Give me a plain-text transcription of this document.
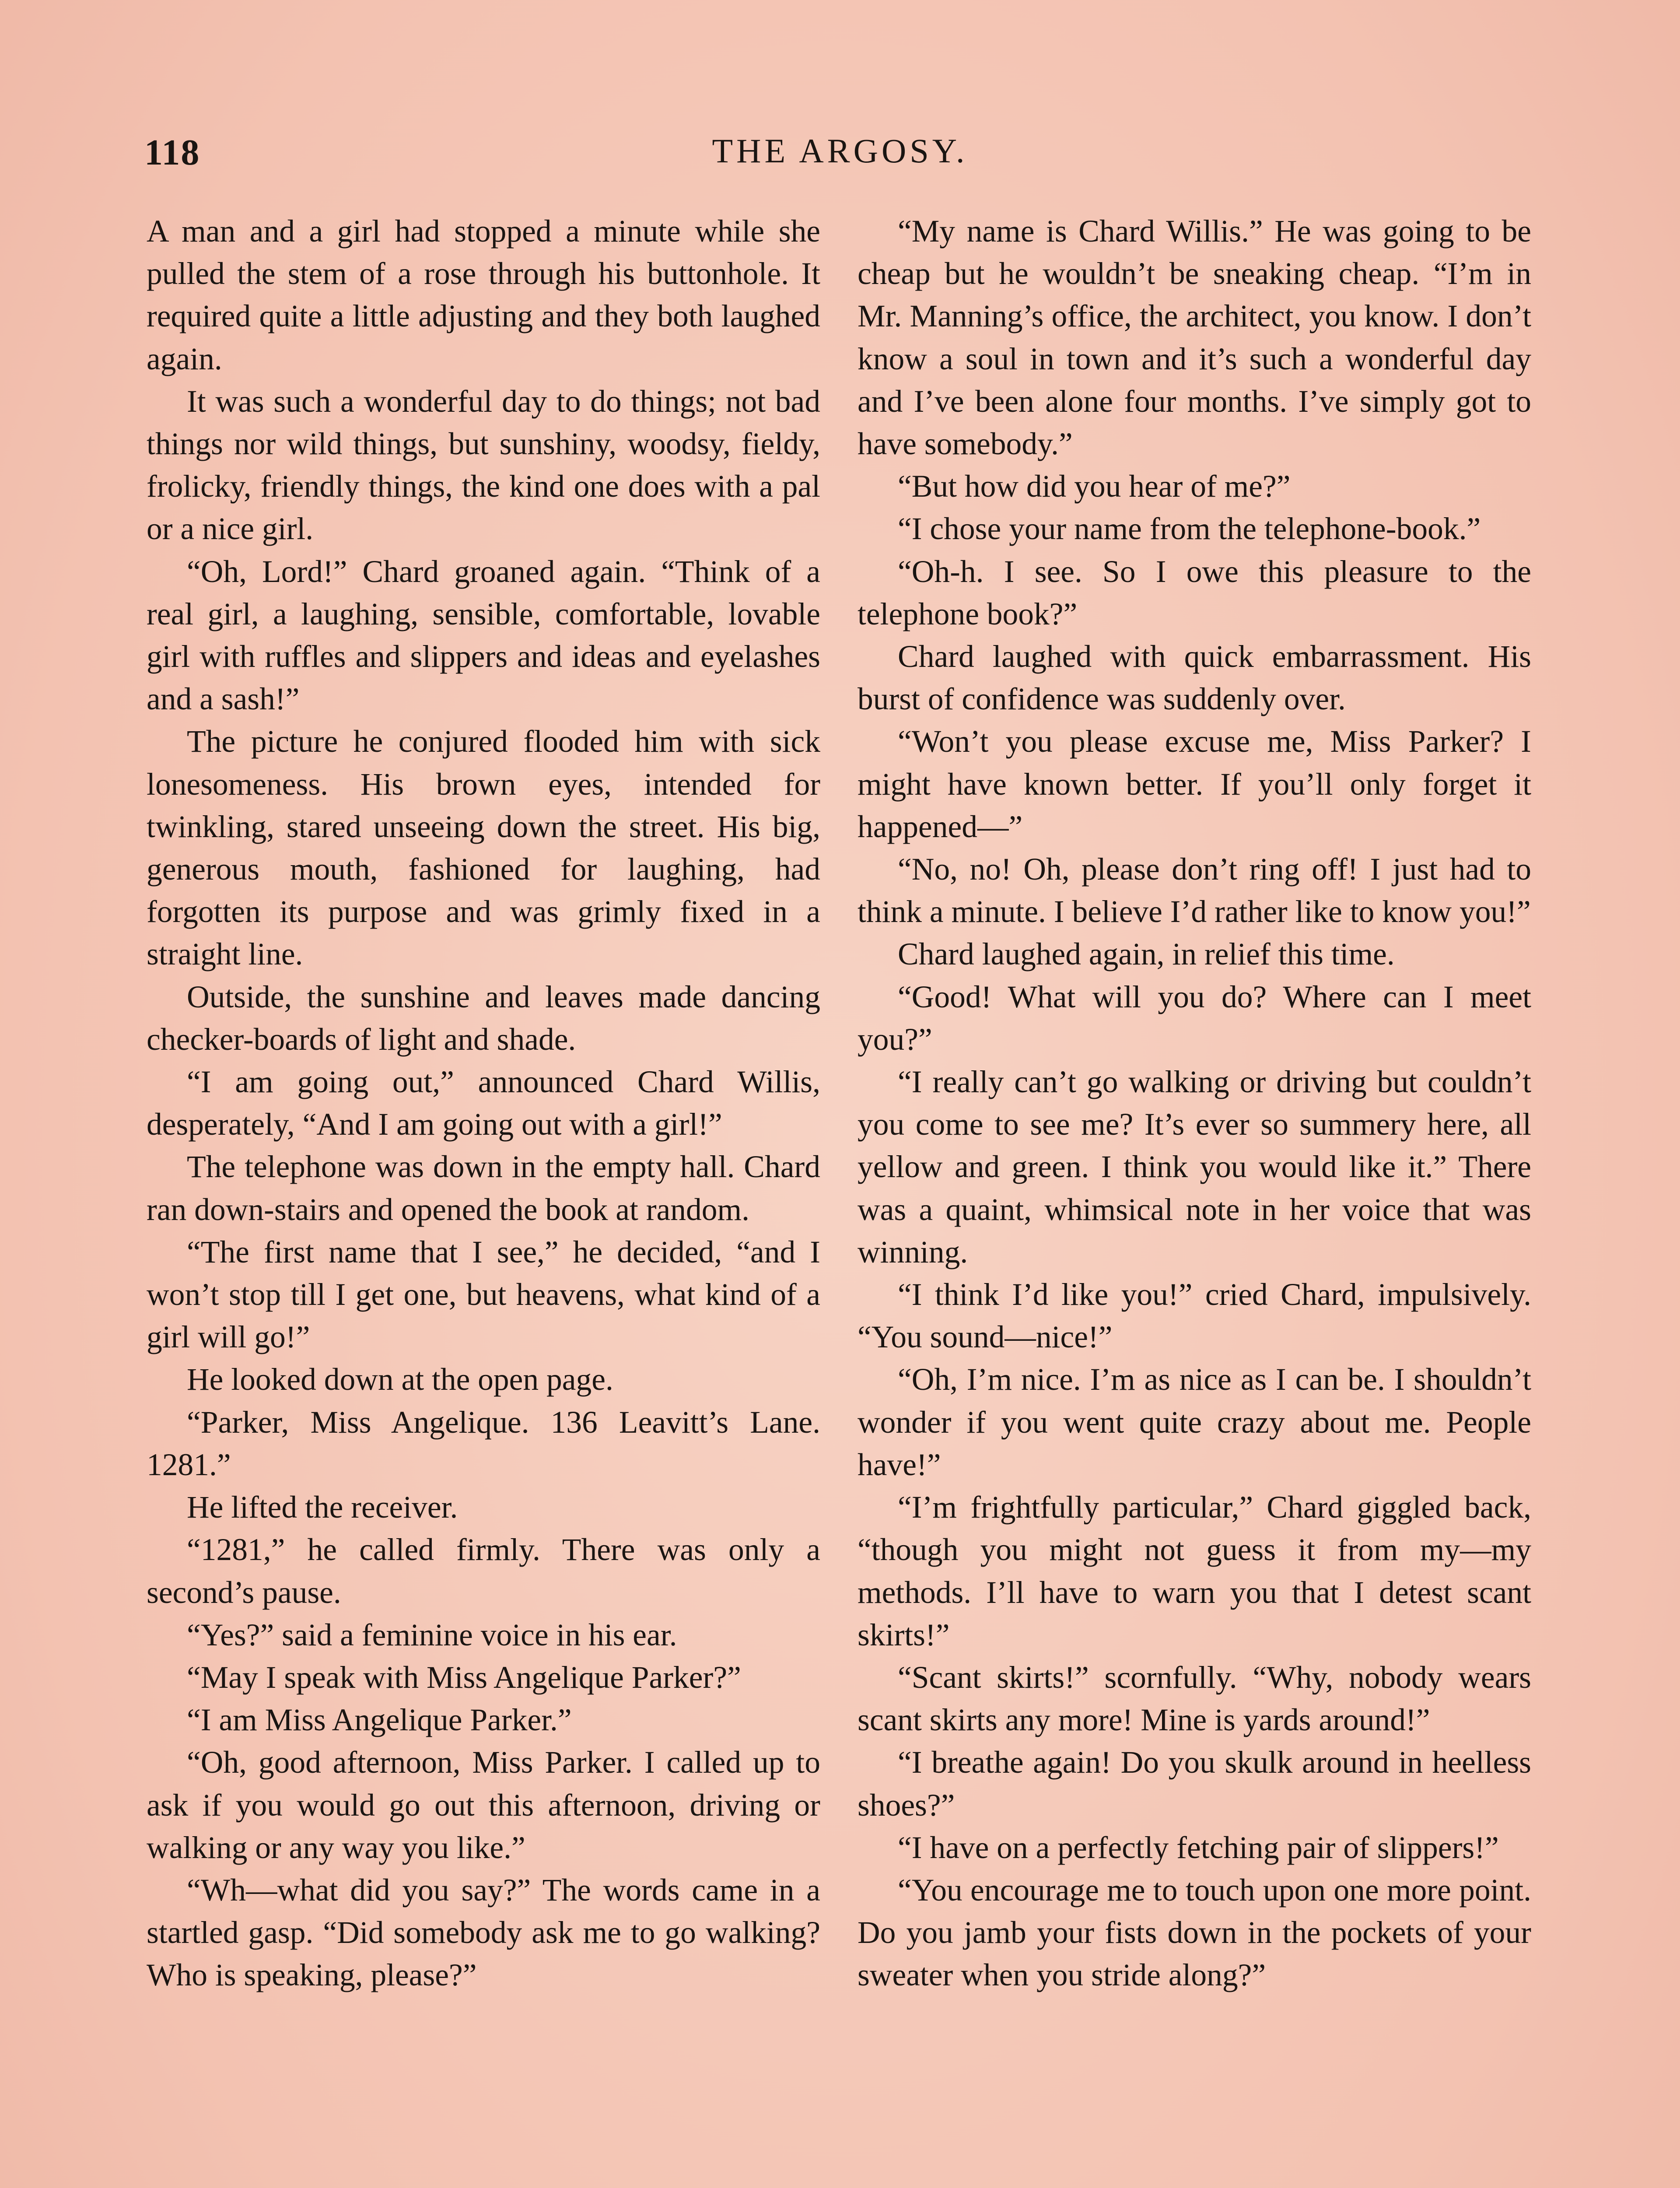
118	THE ARGOSY.

A man and a girl had stopped a minute while she pulled the stem of a rose through his buttonhole. It required quite a little adjusting and they both laughed again.

It was such a wonderful day to do things; not bad things nor wild things, but sunshiny, woodsy, fieldy, frolicky, friendly things, the kind one does with a pal or a nice girl.

“Oh, Lord!” Chard groaned again. “Think of a real girl, a laughing, sensible, comfortable, lovable girl with ruffles and slippers and ideas and eyelashes and a sash!”

The picture he conjured flooded him with sick lonesomeness. His brown eyes, intended for twinkling, stared unseeing down the street. His big, generous mouth, fashioned for laughing, had forgotten its purpose and was grimly fixed in a straight line.

Outside, the sunshine and leaves made dancing checker-boards of light and shade.

“I am going out,” announced Chard Willis, desperately, “And I am going out with a girl!”

The telephone was down in the empty hall. Chard ran down-stairs and opened the book at random.

“The first name that I see,” he decided, “and I won’t stop till I get one, but heavens, what kind of a girl will go!”

He looked down at the open page.

“Parker, Miss Angelique. 136 Leavitt’s Lane. 1281.”

He lifted the receiver.

“1281,” he called firmly. There was only a second’s pause.

“Yes?” said a feminine voice in his ear.

“May I speak with Miss Angelique Parker?”

“I am Miss Angelique Parker.”

“Oh, good afternoon, Miss Parker. I called up to ask if you would go out this afternoon, driving or walking or any way you like.”

“Wh—what did you say?” The words came in a startled gasp. “Did somebody ask me to go walking? Who is speaking, please?”

“My name is Chard Willis.” He was going to be cheap but he wouldn’t be sneaking cheap. “I’m in Mr. Manning’s office, the architect, you know. I don’t know a soul in town and it’s such a wonderful day and I’ve been alone four months. I’ve simply got to have somebody.”

“But how did you hear of me?”

“I chose your name from the telephone-book.”

“Oh-h. I see. So I owe this pleasure to the telephone book?”

Chard laughed with quick embarrassment. His burst of confidence was suddenly over.

“Won’t you please excuse me, Miss Parker? I might have known better. If you’ll only forget it happened—”

“No, no! Oh, please don’t ring off! I just had to think a minute. I believe I’d rather like to know you!”

Chard laughed again, in relief this time.

“Good! What will you do? Where can I meet you?”

“I really can’t go walking or driving but couldn’t you come to see me? It’s ever so summery here, all yellow and green. I think you would like it.” There was a quaint, whimsical note in her voice that was winning.

“I think I’d like you!” cried Chard, impulsively. “You sound—nice!”

“Oh, I’m nice. I’m as nice as I can be. I shouldn’t wonder if you went quite crazy about me. People have!”

“I’m frightfully particular,” Chard giggled back, “though you might not guess it from my—my methods. I’ll have to warn you that I detest scant skirts!”

“Scant skirts!” scornfully. “Why, nobody wears scant skirts any more! Mine is yards around!”

“I breathe again! Do you skulk around in heelless shoes?”

“I have on a perfectly fetching pair of slippers!”

“You encourage me to touch upon one more point. Do you jamb your fists down in the pockets of your sweater when you stride along?”
